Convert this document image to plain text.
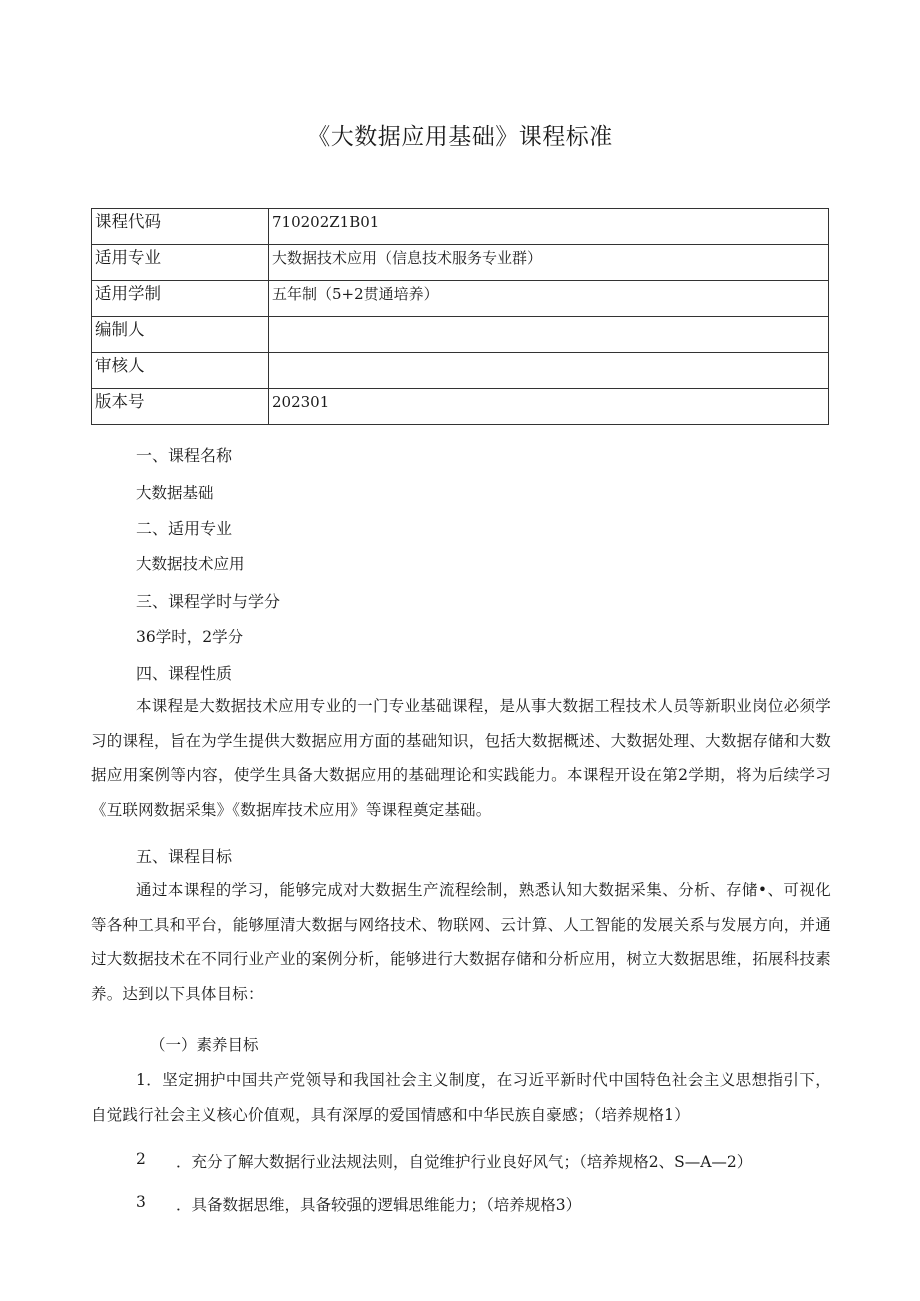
《大数据应用基础》课程标准
课程代码	710202Z1B01
适用专业	大数据技术应用（信息技术服务专业群）
适用学制	五年制（5+2贯通培养）
编制人	
审核人	
版本号	202301
一、课程名称
大数据基础
二、适用专业
大数据技术应用
三、课程学时与学分
36学时，2学分
四、课程性质
本课程是大数据技术应用专业的一门专业基础课程，是从事大数据工程技术人员等新职业岗位必须学习的课程，旨在为学生提供大数据应用方面的基础知识，包括大数据概述、大数据处理、大数据存储和大数据应用案例等内容，使学生具备大数据应用的基础理论和实践能力。本课程开设在第2学期，将为后续学习《互联网数据采集》《数据库技术应用》等课程奠定基础。
五、课程目标
通过本课程的学习，能够完成对大数据生产流程绘制，熟悉认知大数据采集、分析、存储•、可视化等各种工具和平台，能够厘清大数据与网络技术、物联网、云计算、人工智能的发展关系与发展方向，并通过大数据技术在不同行业产业的案例分析，能够进行大数据存储和分析应用，树立大数据思维，拓展科技素养。达到以下具体目标：
（一）素养目标
1．坚定拥护中国共产党领导和我国社会主义制度，在习近平新时代中国特色社会主义思想指引下，自觉践行社会主义核心价值观，具有深厚的爱国情感和中华民族自豪感；（培养规格1）
2 ．充分了解大数据行业法规法则，自觉维护行业良好风气；（培养规格2、S—A—2）
3 ．具备数据思维，具备较强的逻辑思维能力；（培养规格3）
